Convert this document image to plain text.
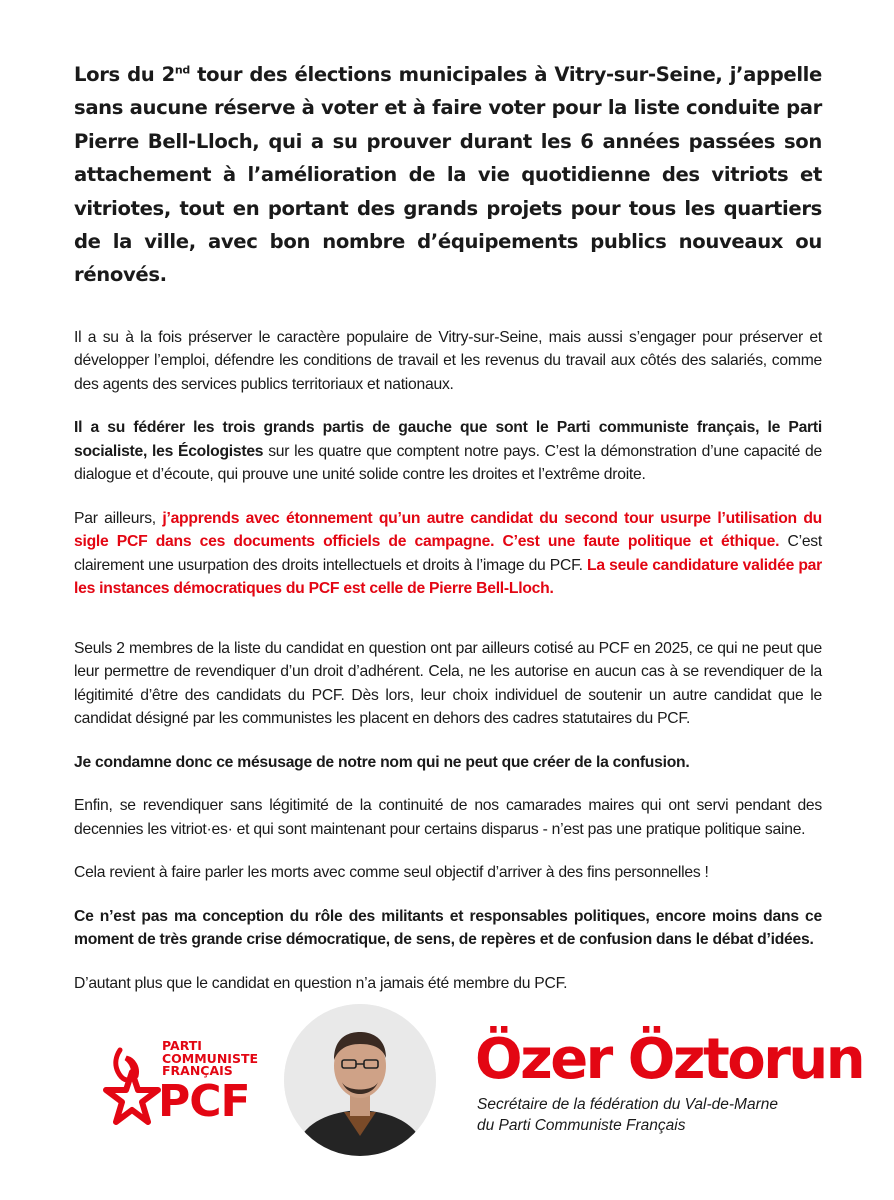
Lors du 2nd tour des élections municipales à Vitry-sur-Seine, j’appelle sans aucune réserve à voter et à faire voter pour la liste conduite par Pierre Bell-Lloch, qui a su prouver durant les 6 années passées son attachement à l’amélioration de la vie quotidienne des vitriots et vitriotes, tout en portant des grands projets pour tous les quartiers de la ville, avec bon nombre d’équipements publics nouveaux ou rénovés.

Il a su à la fois préserver le caractère populaire de Vitry-sur-Seine, mais aussi s’engager pour préserver et développer l’emploi, défendre les conditions de travail et les revenus du travail aux côtés des salariés, comme des agents des services publics territoriaux et nationaux.

Il a su fédérer les trois grands partis de gauche que sont le Parti communiste français, le Parti socialiste, les Écologistes sur les quatre que comptent notre pays. C’est la démonstration d’une capacité de dialogue et d’écoute, qui prouve une unité solide contre les droites et l’extrême droite.

Par ailleurs, j’apprends avec étonnement qu’un autre candidat du second tour usurpe l’utilisation du sigle PCF dans ces documents officiels de campagne. C’est une faute politique et éthique. C’est clairement une usurpation des droits intellectuels et droits à l’image du PCF. La seule candidature validée par les instances démocratiques du PCF est celle de Pierre Bell-Lloch.

Seuls 2 membres de la liste du candidat en question ont par ailleurs cotisé au PCF en 2025, ce qui ne peut que leur permettre de revendiquer d’un droit d’adhérent. Cela, ne les autorise en aucun cas à se revendiquer de la légitimité d’être des candidats du PCF. Dès lors, leur choix individuel de soutenir un autre candidat que le candidat désigné par les communistes les placent en dehors des cadres statutaires du PCF.

Je condamne donc ce mésusage de notre nom qui ne peut que créer de la confusion.

Enfin, se revendiquer sans légitimité de la continuité de nos camarades maires qui ont servi pendant des decennies les vitriot·es· et qui sont maintenant pour certains disparus - n’est pas une pratique politique saine.

Cela revient à faire parler les morts avec comme seul objectif d’arriver à des fins personnelles !

Ce n’est pas ma conception du rôle des militants et responsables politiques, encore moins dans ce moment de très grande crise démocratique, de sens, de repères et de confusion dans le débat d’idées.

D’autant plus que le candidat en question n’a jamais été membre du PCF.

PARTI
COMMUNISTE
FRANÇAIS
PCF
Özer Öztorun
Secrétaire de la fédération du Val-de-Marne
du Parti Communiste Français
